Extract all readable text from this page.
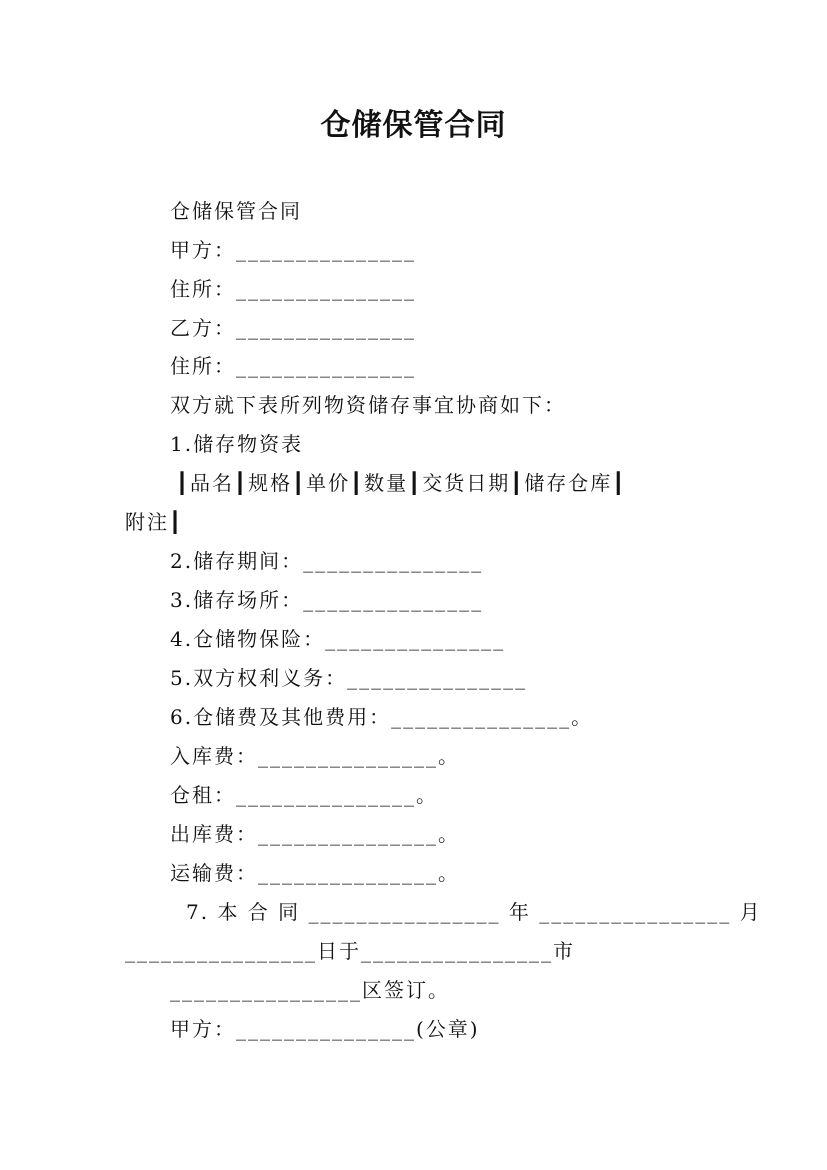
仓储保管合同
仓储保管合同
甲方：_______________
住所：_______________
乙方：_______________
住所：_______________
双方就下表所列物资储存事宜协商如下：
1.储存物资表
┃品名┃规格┃单价┃数量┃交货日期┃储存仓库┃
附注┃
2.储存期间：_______________
3.储存场所：_______________
4.仓储物保险：_______________
5.双方权利义务：_______________
6.仓储费及其他费用：_______________。
入库费：_______________。
仓租：_______________。
出库费：_______________。
运输费：_______________。
7. 本 合 同 ________________ 年 ________________ 月
________________日于________________市
________________区签订。
甲方：_______________(公章)
